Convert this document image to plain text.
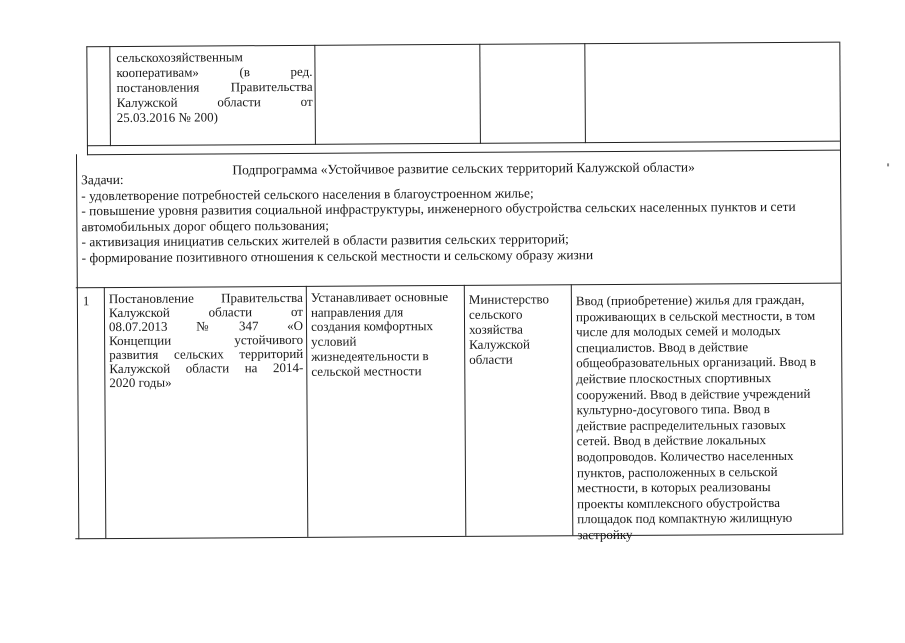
сельскохозяйственным
кооперативам»          (в          ред.
постановления Правительства
Калужской           области           от
25.03.2016 № 200)
Подпрограмма «Устойчивое развитие сельских территорий Калужской области»
Задачи:
- удовлетворение потребностей сельского населения в благоустроенном жилье;
- повышение уровня развития социальной инфраструктуры, инженерного обустройства сельских населенных пунктов и сети
автомобильных дорог общего пользования;
- активизация инициатив сельских жителей в области развития сельских территорий;
- формирование позитивного отношения к сельской местности и сельскому образу жизни
1 Постановление Правительства
Калужской        области        от
08.07.2013      №      347      «О
Концепции           устойчивого
развития сельских территорий
Калужской области на 2014-
2020 годы»
Устанавливает основные
направления для
создания комфортных
условий
жизнедеятельности в
сельской местности
Министерство
сельского
хозяйства
Калужской
области
Ввод (приобретение) жилья для граждан,
проживающих в сельской местности, в том
числе для молодых семей и молодых
специалистов. Ввод в действие
общеобразовательных организаций. Ввод в
действие плоскостных спортивных
сооружений. Ввод в действие учреждений
культурно-досугового типа. Ввод в
действие распределительных газовых
сетей. Ввод в действие локальных
водопроводов. Количество населенных
пунктов, расположенных в сельской
местности, в которых реализованы
проекты комплексного обустройства
площадок под компактную жилищную
застройку
